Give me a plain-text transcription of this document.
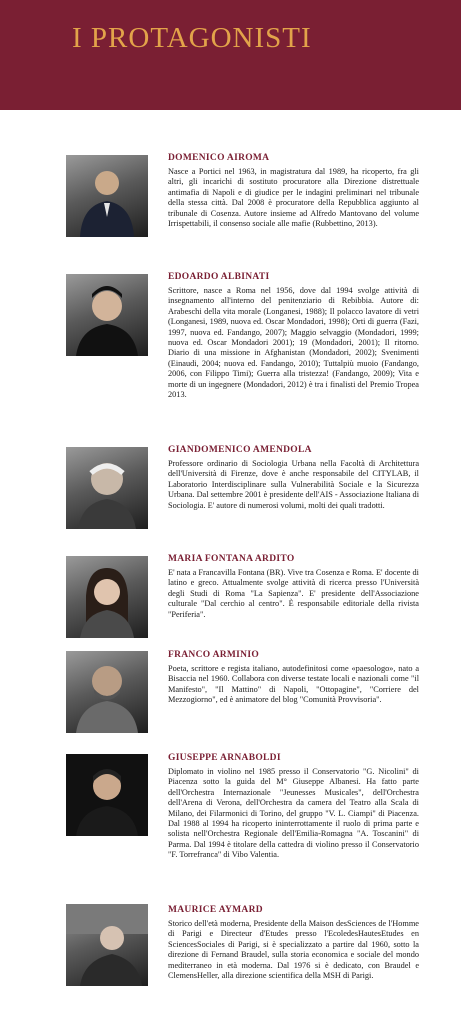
I PROTAGONISTI
DOMENICO AIROMA

Nasce a Portici nel 1963, in magistratura dal 1989, ha ricoperto, fra gli altri, gli incarichi di sostituto procuratore alla Direzione distrettuale antimafia di Napoli e di giudice per le indagini preliminari nel tribunale della stessa città. Dal 2008 è procuratore della Repubblica aggiunto al tribunale di Cosenza. Autore insieme ad Alfredo Mantovano del volume Irrispettabili, il consenso sociale alle mafie (Rubbettino, 2013).

EDOARDO ALBINATI

Scrittore, nasce a Roma nel 1956, dove dal 1994 svolge attività di insegnamento all'interno del penitenziario di Rebibbia. Autore di: Arabeschi della vita morale (Longanesi, 1988); Il polacco lavatore di vetri (Longanesi, 1989, nuova ed. Oscar Mondadori, 1998); Orti di guerra (Fazi, 1997, nuova ed. Fandango, 2007); Maggio selvaggio (Mondadori, 1999; nuova ed. Oscar Mondadori 2001); 19 (Mondadori, 2001); Il ritorno. Diario di una missione in Afghanistan (Mondadori, 2002); Svenimenti (Einaudi, 2004; nuova ed. Fandango, 2010); Tuttalpiù muoio (Fandango, 2006, con Filippo Timi); Guerra alla tristezza! (Fandango, 2009); Vita e morte di un ingegnere (Mondadori, 2012) è tra i finalisti del Premio Tropea 2013.

GIANDOMENICO AMENDOLA

Professore ordinario di Sociologia Urbana nella Facoltà di Architettura dell'Università di Firenze, dove è anche responsabile del CITYLAB, il Laboratorio Interdisciplinare sulla Vulnerabilità Sociale e la Sicurezza Urbana. Dal settembre 2001 è presidente dell'AIS - Associazione Italiana di Sociologia. E' autore di numerosi volumi, molti dei quali tradotti.

MARIA FONTANA ARDITO

E' nata a Francavilla Fontana (BR). Vive tra Cosenza e Roma. E' docente di latino e greco. Attualmente svolge attività di ricerca presso l'Università degli Studi di Roma "La Sapienza". E' presidente dell'Associazione culturale "Dal cerchio al centro". È responsabile editoriale della rivista "Periferia".

FRANCO ARMINIO

Poeta, scrittore e regista italiano, autodefinitosi come «paesologo», nato a Bisaccia nel 1960. Collabora con diverse testate locali e nazionali come "il Manifesto", "Il Mattino" di Napoli, "Ottopagine", "Corriere del Mezzogiorno", ed è animatore del blog "Comunità Provvisoria".

GIUSEPPE ARNABOLDI

Diplomato in violino nel 1985 presso il Conservatorio "G. Nicolini" di Piacenza sotto la guida del M° Giuseppe Albanesi. Ha fatto parte dell'Orchestra Internazionale "Jeunesses Musicales", dell'Orchestra dell'Arena di Verona, dell'Orchestra da camera del Teatro alla Scala di Milano, dei Filarmonici di Torino, del gruppo "V. L. Ciampi" di Piacenza. Dal 1988 al 1994 ha ricoperto ininterrottamente il ruolo di prima parte e solista nell'Orchestra Regionale dell'Emilia-Romagna "A. Toscanini" di Parma. Dal 1994 è titolare della cattedra di violino presso il Conservatorio "F. Torrefranca" di Vibo Valentia.

MAURICE AYMARD

Storico dell'età moderna, Presidente della Maison desSciences de l'Homme di Parigi e Directeur d'Etudes presso l'EcoledesHautesEtudes en SciencesSociales di Parigi, si è specializzato a partire dal 1960, sotto la direzione di Fernand Braudel, sulla storia economica e sociale del mondo mediterraneo in età moderna. Dal 1976 si è dedicato, con Braudel e ClemensHeller, alla direzione scientifica della MSH di Parigi.
